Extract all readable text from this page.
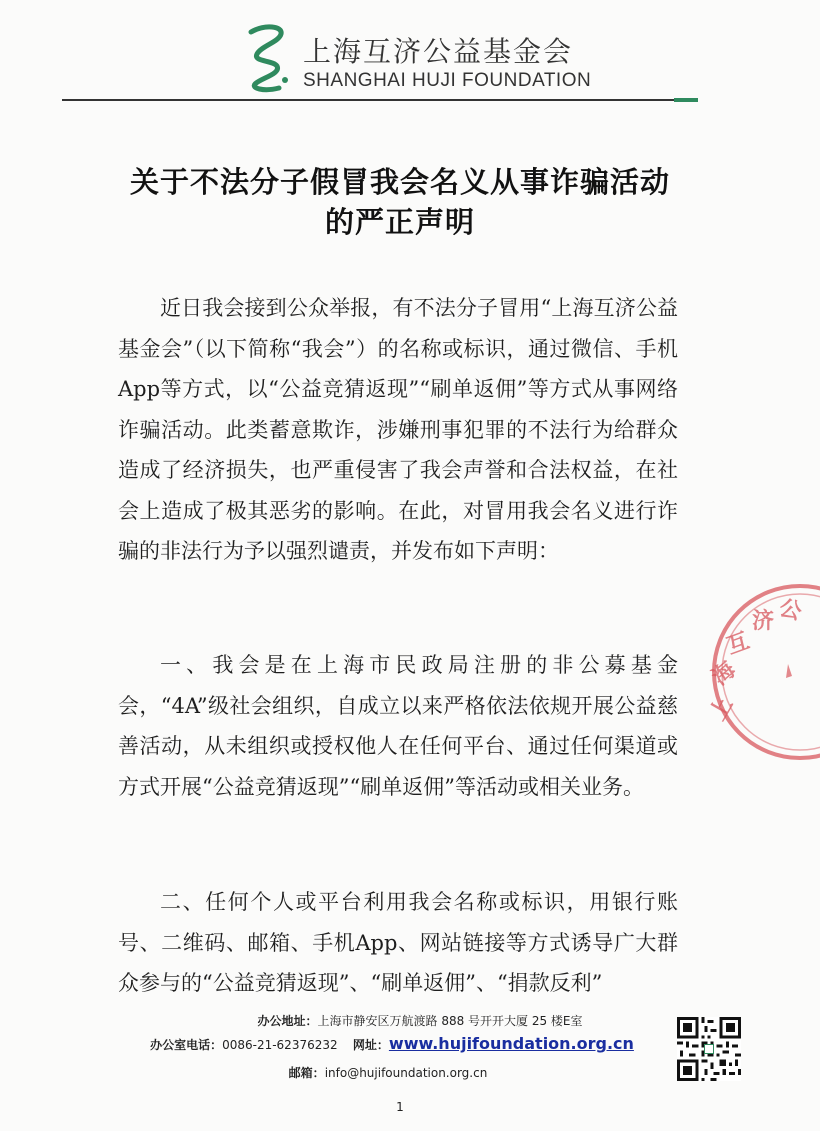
上海互济公益基金会
SHANGHAI HUJI FOUNDATION
关于不法分子假冒我会名义从事诈骗活动
的严正声明
近日我会接到公众举报，有不法分子冒用“上海互济公益基金会”（以下简称“我会”）的名称或标识，通过微信、手机App等方式，以“公益竞猜返现”“刷单返佣”等方式从事网络诈骗活动。此类蓄意欺诈，涉嫌刑事犯罪的不法行为给群众造成了经济损失，也严重侵害了我会声誉和合法权益，在社会上造成了极其恶劣的影响。在此，对冒用我会名义进行诈骗的非法行为予以强烈谴责，并发布如下声明：
一、我会是在上海市民政局注册的非公募基金会，“4A”级社会组织，自成立以来严格依法依规开展公益慈善活动，从未组织或授权他人在任何平台、通过任何渠道或方式开展“公益竞猜返现”“刷单返佣”等活动或相关业务。
二、任何个人或平台利用我会名称或标识，用银行账号、二维码、邮箱、手机App、网站链接等方式诱导广大群众参与的“公益竞猜返现”、“刷单返佣”、“捐款反利”
上
海
互
济 公
办公地址：上海市静安区万航渡路 888 号开开大厦 25 楼E室
办公室电话：0086-21-62376232 网址：www.hujifoundation.org.cn
邮箱：info@hujifoundation.org.cn
1
